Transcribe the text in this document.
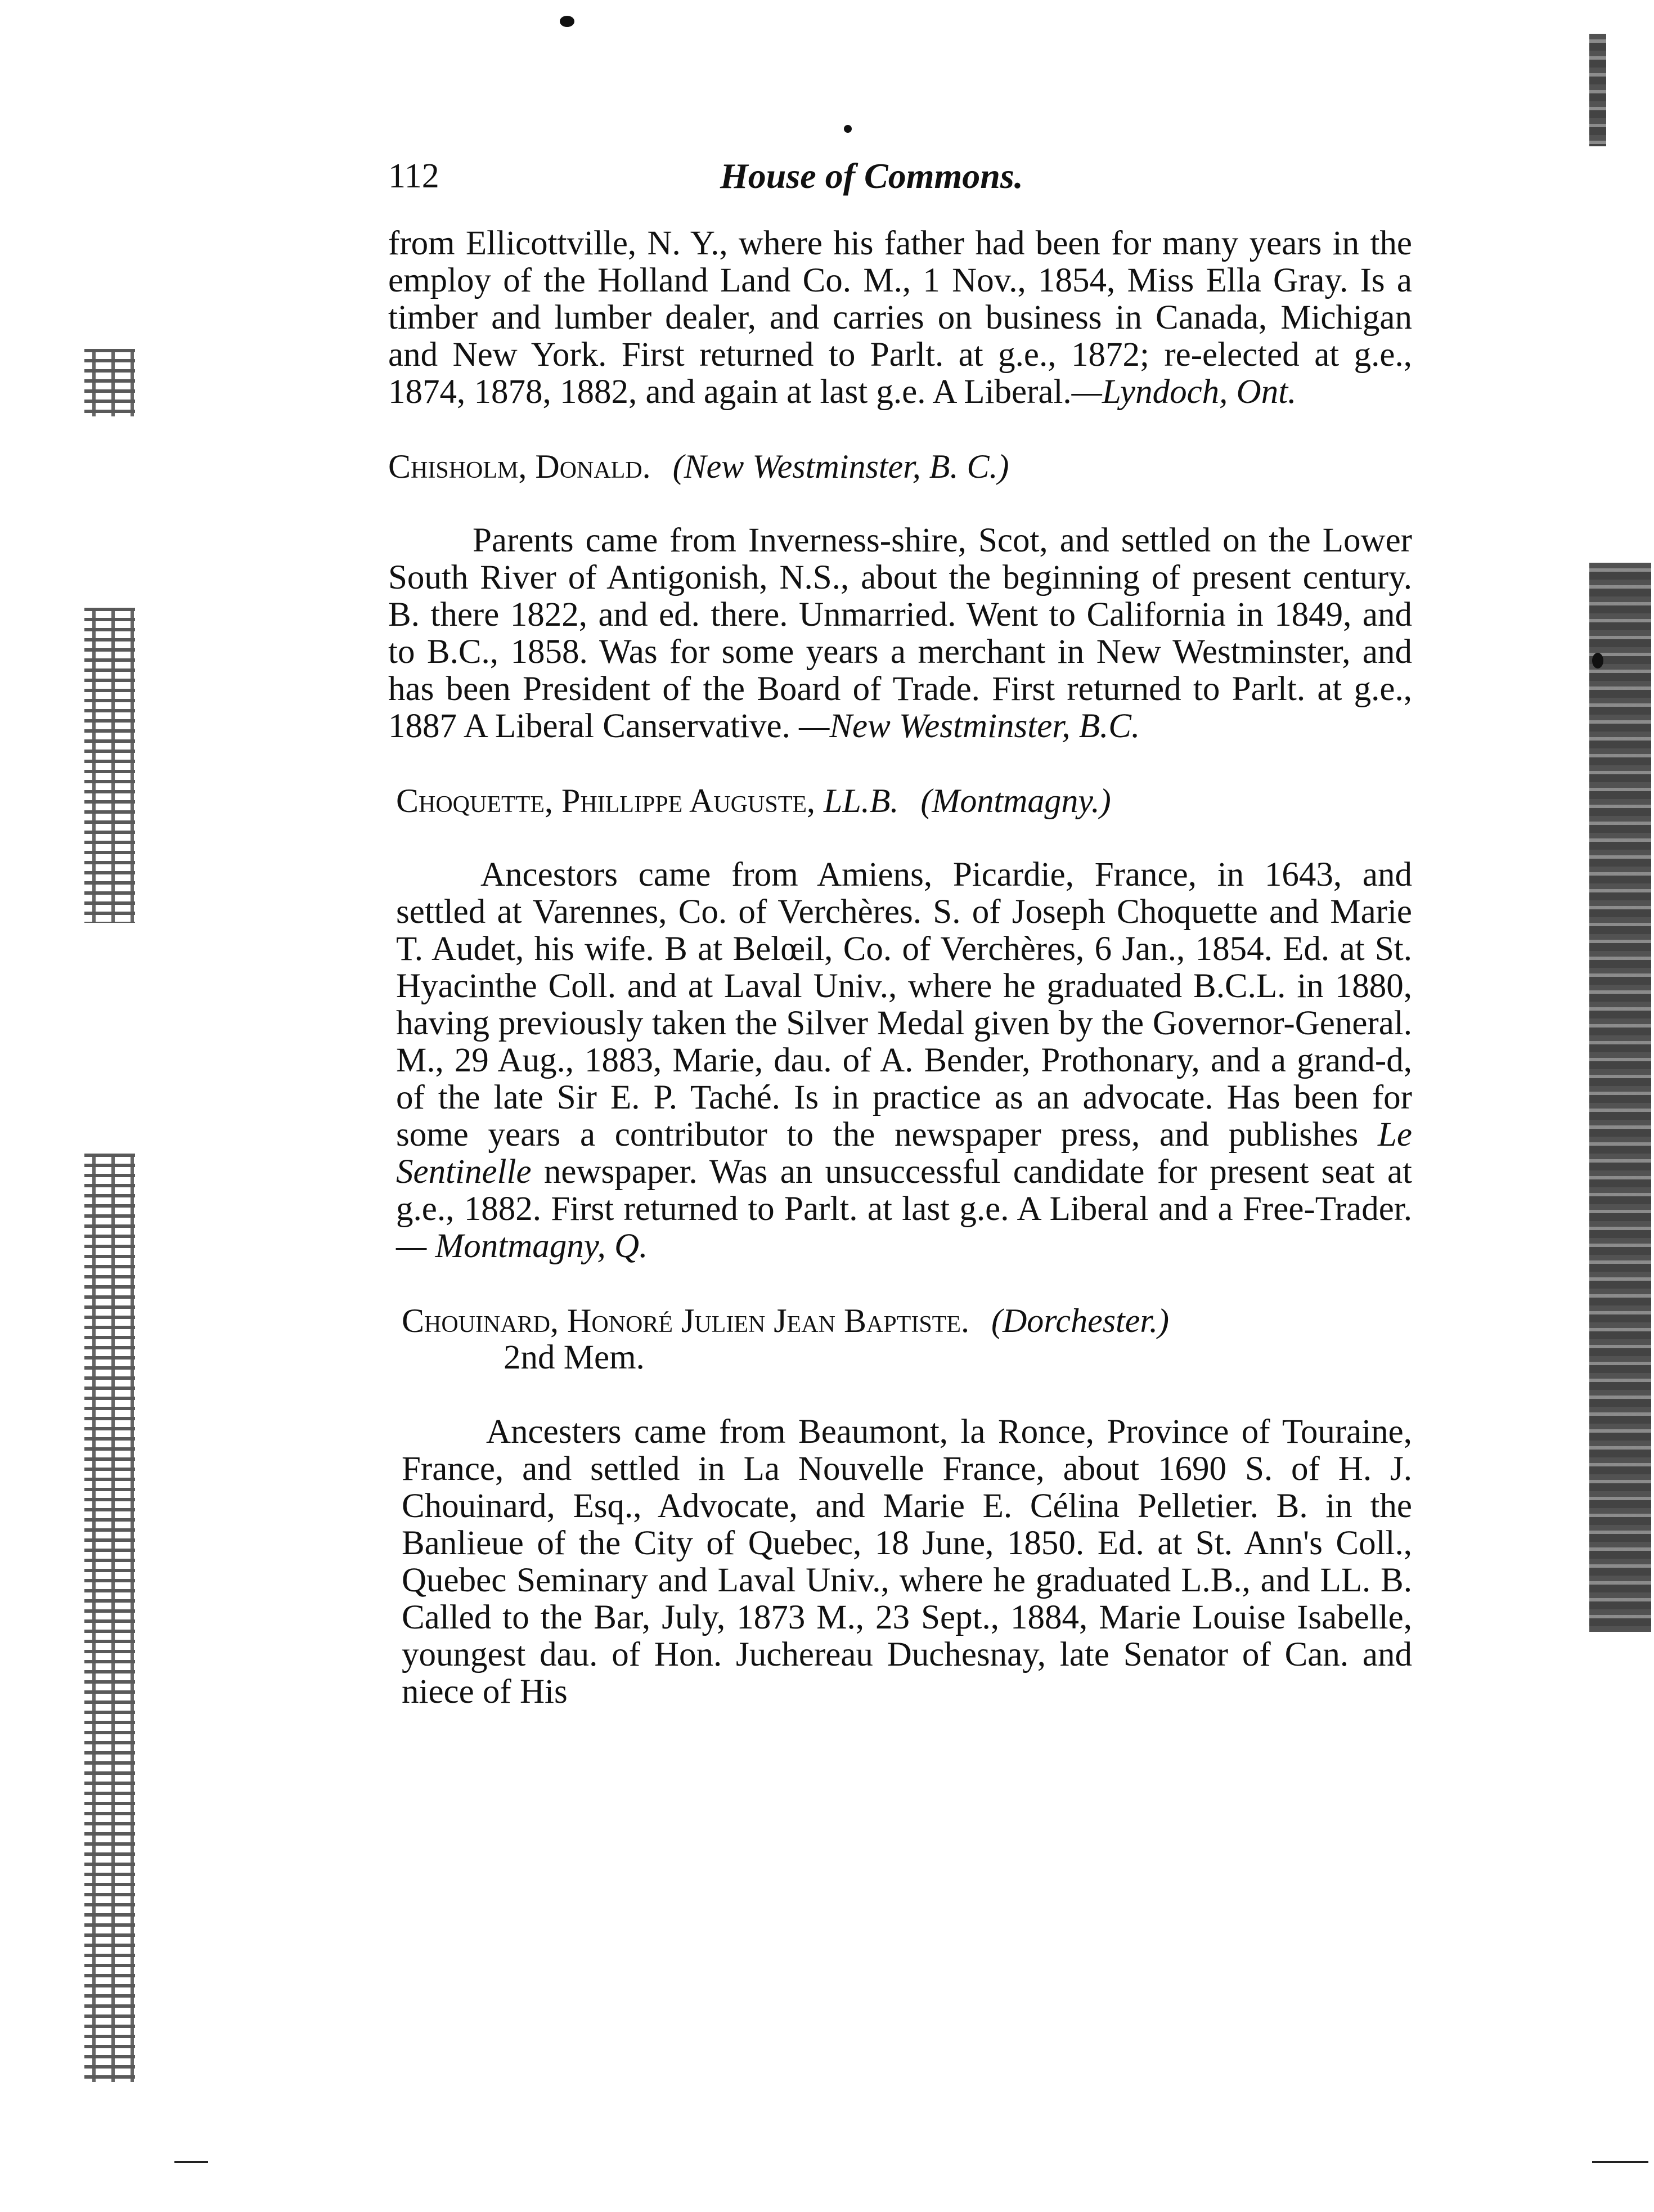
112	House of Commons.

from Ellicottville, N. Y., where his father had been for many years in the employ of the Holland Land Co. M., 1 Nov., 1854, Miss Ella Gray. Is a timber and lumber dealer, and carries on business in Canada, Michigan and New York. First returned to Parlt. at g.e., 1872; re-elected at g.e., 1874, 1878, 1882, and again at last g.e. A Liberal.—Lyndoch, Ont.

Chisholm, Donald. (New Westminster, B. C.)

Parents came from Inverness-shire, Scot, and settled on the Lower South River of Antigonish, N.S., about the beginning of present century. B. there 1822, and ed. there. Unmarried. Went to California in 1849, and to B.C., 1858. Was for some years a merchant in New Westminster, and has been President of the Board of Trade. First returned to Parlt. at g.e., 1887 A Liberal Canservative. —New Westminster, B.C.

Choquette, Phillippe Auguste, LL.B. (Montmagny.)

Ancestors came from Amiens, Picardie, France, in 1643, and settled at Varennes, Co. of Verchères. S. of Joseph Choquette and Marie T. Audet, his wife. B at Belœil, Co. of Verchères, 6 Jan., 1854. Ed. at St. Hyacinthe Coll. and at Laval Univ., where he graduated B.C.L. in 1880, having previously taken the Silver Medal given by the Governor-General. M., 29 Aug., 1883, Marie, dau. of A. Bender, Prothonary, and a grand-d, of the late Sir E. P. Taché. Is in practice as an advocate. Has been for some years a contributor to the newspaper press, and publishes Le Sentinelle newspaper. Was an unsuccessful candidate for present seat at g.e., 1882. First returned to Parlt. at last g.e. A Liberal and a Free-Trader. — Montmagny, Q.

Chouinard, Honoré Julien Jean Baptiste. (Dorchester.)

2nd Mem.

Ancesters came from Beaumont, la Ronce, Province of Touraine, France, and settled in La Nouvelle France, about 1690 S. of H. J. Chouinard, Esq., Advocate, and Marie E. Célina Pelletier. B. in the Banlieue of the City of Quebec, 18 June, 1850. Ed. at St. Ann's Coll., Quebec Seminary and Laval Univ., where he graduated L.B., and LL. B. Called to the Bar, July, 1873 M., 23 Sept., 1884, Marie Louise Isabelle, youngest dau. of Hon. Juchereau Duchesnay, late Senator of Can. and niece of His
